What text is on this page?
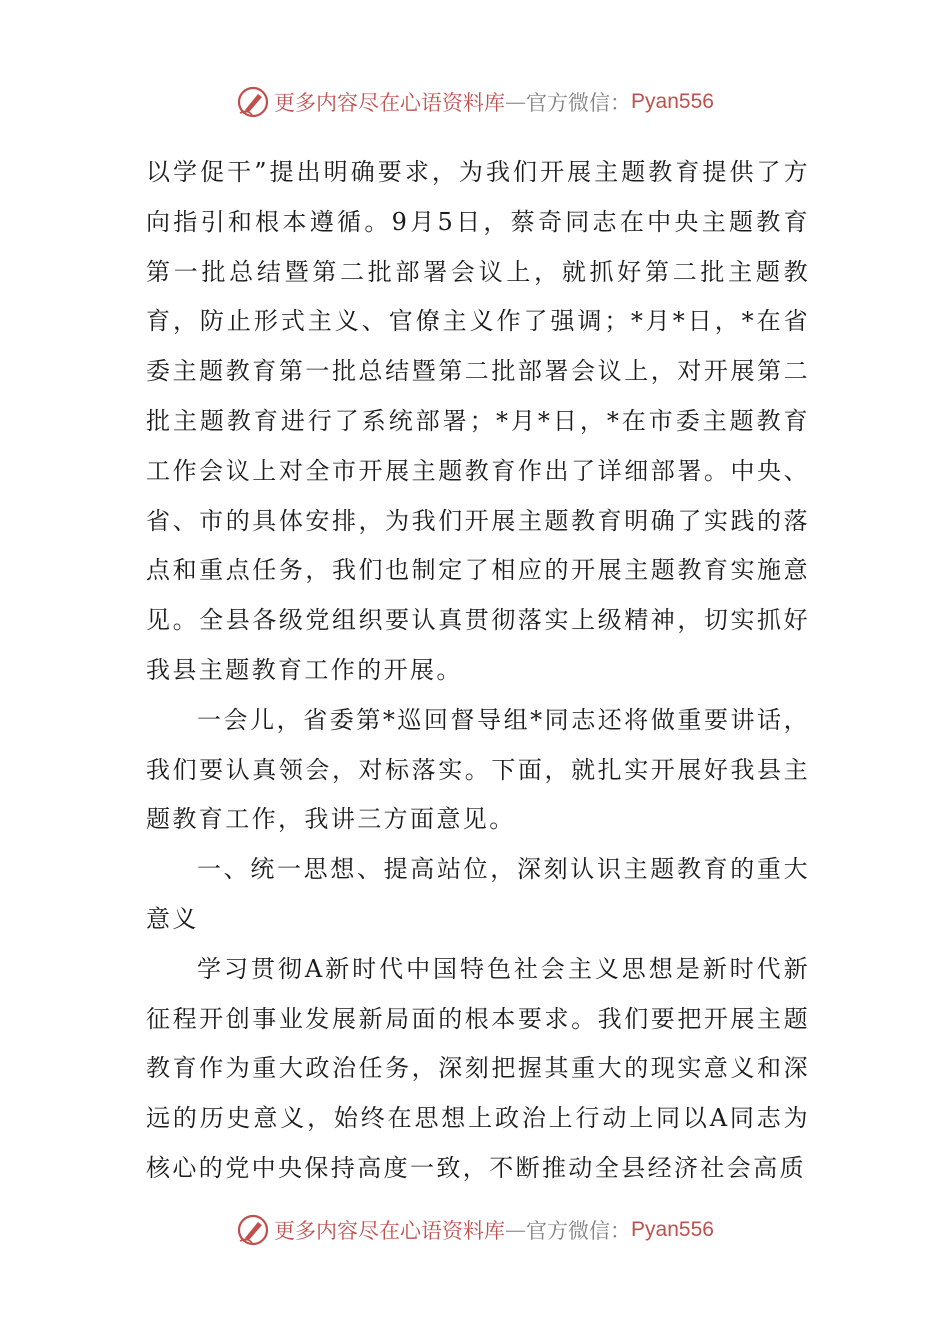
更多内容尽在心语资料库 — 官方微信： Pyan556

以学促干”提出明确要求，为我们开展主题教育提供了方向指引和根本遵循。9月5日，蔡奇同志在中央主题教育第一批总结暨第二批部署会议上，就抓好第二批主题教育，防止形式主义、官僚主义作了强调；*月*日，*在省委主题教育第一批总结暨第二批部署会议上，对开展第二批主题教育进行了系统部署；*月*日，*在市委主题教育工作会议上对全市开展主题教育作出了详细部署。中央、省、市的具体安排，为我们开展主题教育明确了实践的落点和重点任务，我们也制定了相应的开展主题教育实施意见。全县各级党组织要认真贯彻落实上级精神，切实抓好我县主题教育工作的开展。

一会儿，省委第*巡回督导组*同志还将做重要讲话，我们要认真领会，对标落实。下面，就扎实开展好我县主题教育工作，我讲三方面意见。

一、统一思想、提高站位，深刻认识主题教育的重大意义

学习贯彻A新时代中国特色社会主义思想是新时代新征程开创事业发展新局面的根本要求。我们要把开展主题教育作为重大政治任务，深刻把握其重大的现实意义和深远的历史意义，始终在思想上政治上行动上同以A同志为核心的党中央保持高度一致，不断推动全县经济社会高质

更多内容尽在心语资料库 — 官方微信： Pyan556
